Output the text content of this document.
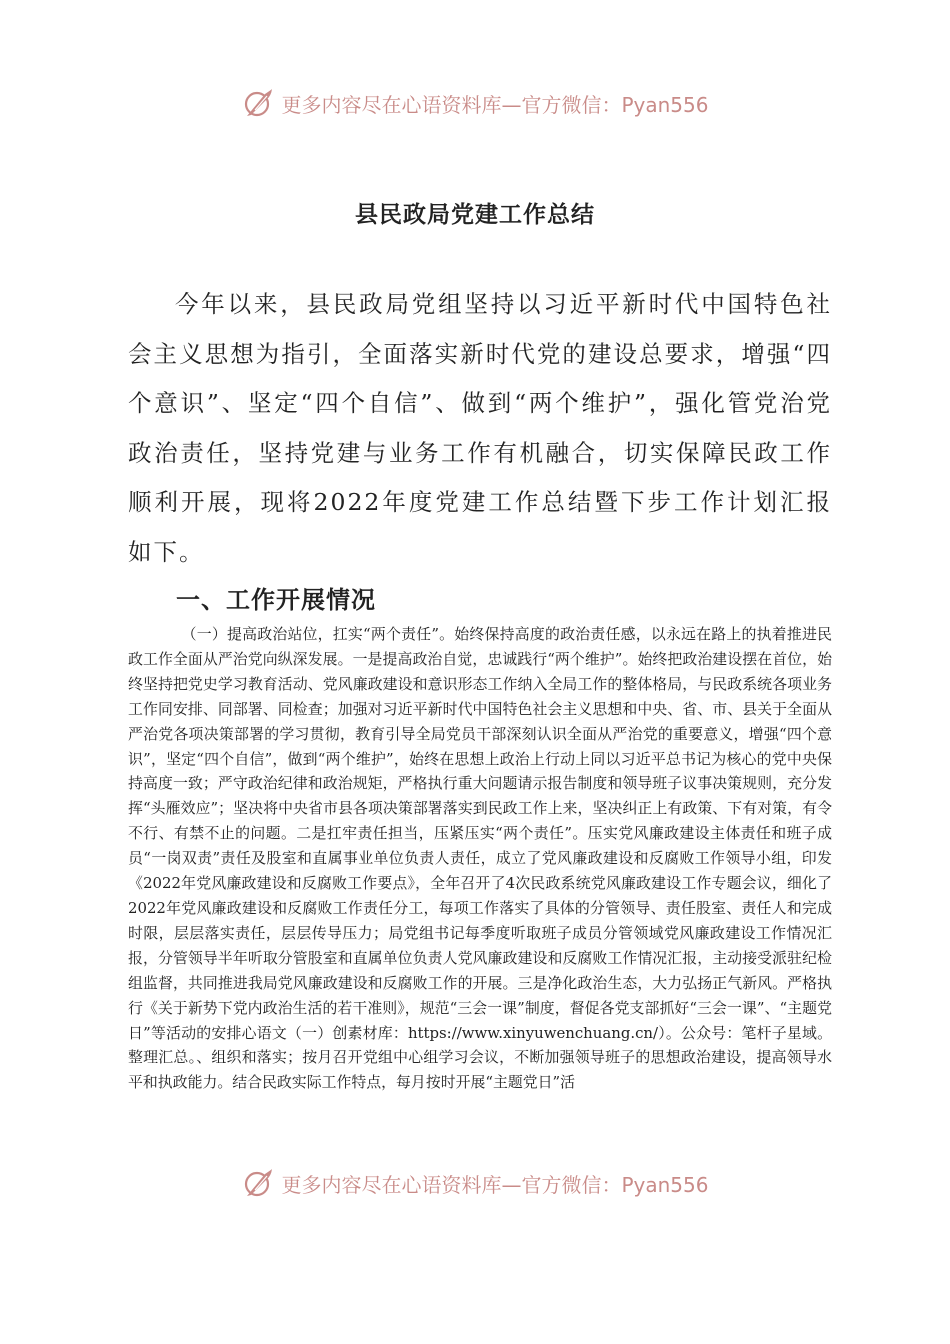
更多内容尽在心语资料库—官方微信：Pyan556
县民政局党建工作总结

今年以来，县民政局党组坚持以习近平新时代中国特色社会主义思想为指引，全面落实新时代党的建设总要求，增强“四个意识”、坚定“四个自信”、做到“两个维护”，强化管党治党政治责任，坚持党建与业务工作有机融合，切实保障民政工作顺利开展，现将2022年度党建工作总结暨下步工作计划汇报如下。

一、工作开展情况

（一）提高政治站位，扛实“两个责任”。始终保持高度的政治责任感，以永远在路上的执着推进民政工作全面从严治党向纵深发展。一是提高政治自觉，忠诚践行“两个维护”。始终把政治建设摆在首位，始终坚持把党史学习教育活动、党风廉政建设和意识形态工作纳入全局工作的整体格局，与民政系统各项业务工作同安排、同部署、同检查；加强对习近平新时代中国特色社会主义思想和中央、省、市、县关于全面从严治党各项决策部署的学习贯彻，教育引导全局党员干部深刻认识全面从严治党的重要意义，增强“四个意识”，坚定“四个自信”，做到“两个维护”，始终在思想上政治上行动上同以习近平总书记为核心的党中央保持高度一致；严守政治纪律和政治规矩，严格执行重大问题请示报告制度和领导班子议事决策规则，充分发挥“头雁效应”；坚决将中央省市县各项决策部署落实到民政工作上来，坚决纠正上有政策、下有对策，有令不行、有禁不止的问题。二是扛牢责任担当，压紧压实“两个责任”。压实党风廉政建设主体责任和班子成员“一岗双责”责任及股室和直属事业单位负责人责任，成立了党风廉政建设和反腐败工作领导小组，印发《2022年党风廉政建设和反腐败工作要点》，全年召开了4次民政系统党风廉政建设工作专题会议，细化了2022年党风廉政建设和反腐败工作责任分工，每项工作落实了具体的分管领导、责任股室、责任人和完成时限，层层落实责任，层层传导压力；局党组书记每季度听取班子成员分管领域党风廉政建设工作情况汇报，分管领导半年听取分管股室和直属单位负责人党风廉政建设和反腐败工作情况汇报，主动接受派驻纪检组监督，共同推进我局党风廉政建设和反腐败工作的开展。三是净化政治生态，大力弘扬正气新风。严格执行《关于新势下党内政治生活的若干准则》，规范“三会一课”制度，督促各党支部抓好“三会一课”、“主题党日”等活动的安排心语文（一）创素材库：https://www.xinyuwenchuang.cn/）。公众号：笔杆子星域。整理汇总。、组织和落实；按月召开党组中心组学习会议，不断加强领导班子的思想政治建设，提高领导水平和执政能力。结合民政实际工作特点，每月按时开展“主题党日”活

更多内容尽在心语资料库—官方微信：Pyan556
